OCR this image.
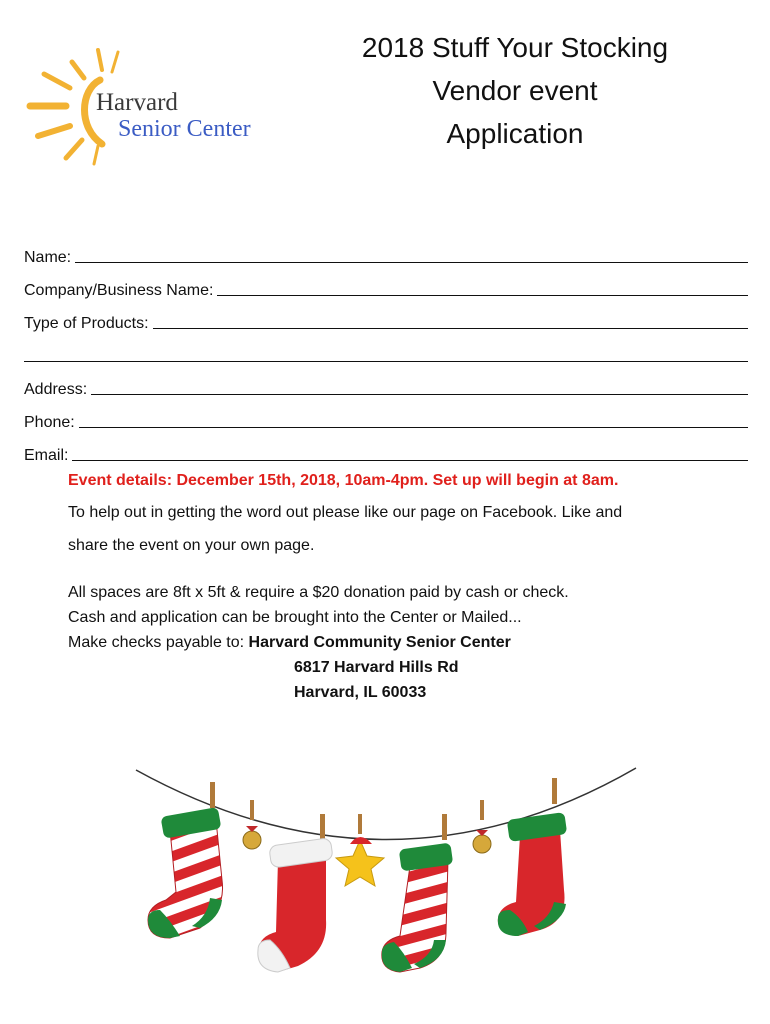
Harvard
Senior Center
2018 Stuff Your Stocking
Vendor event
Application
Name:
Company/Business Name:
Type of Products:
Address:
Phone:
Email:
Event details: December 15th, 2018, 10am-4pm. Set up will begin at 8am.
To help out in getting the word out please like our page on Facebook. Like and
share the event on your own page.
All spaces are 8ft x 5ft & require a $20 donation paid by cash or check.
Cash and application can be brought into the Center or Mailed...
Make checks payable to: Harvard Community Senior Center
6817 Harvard Hills Rd
Harvard, IL 60033
